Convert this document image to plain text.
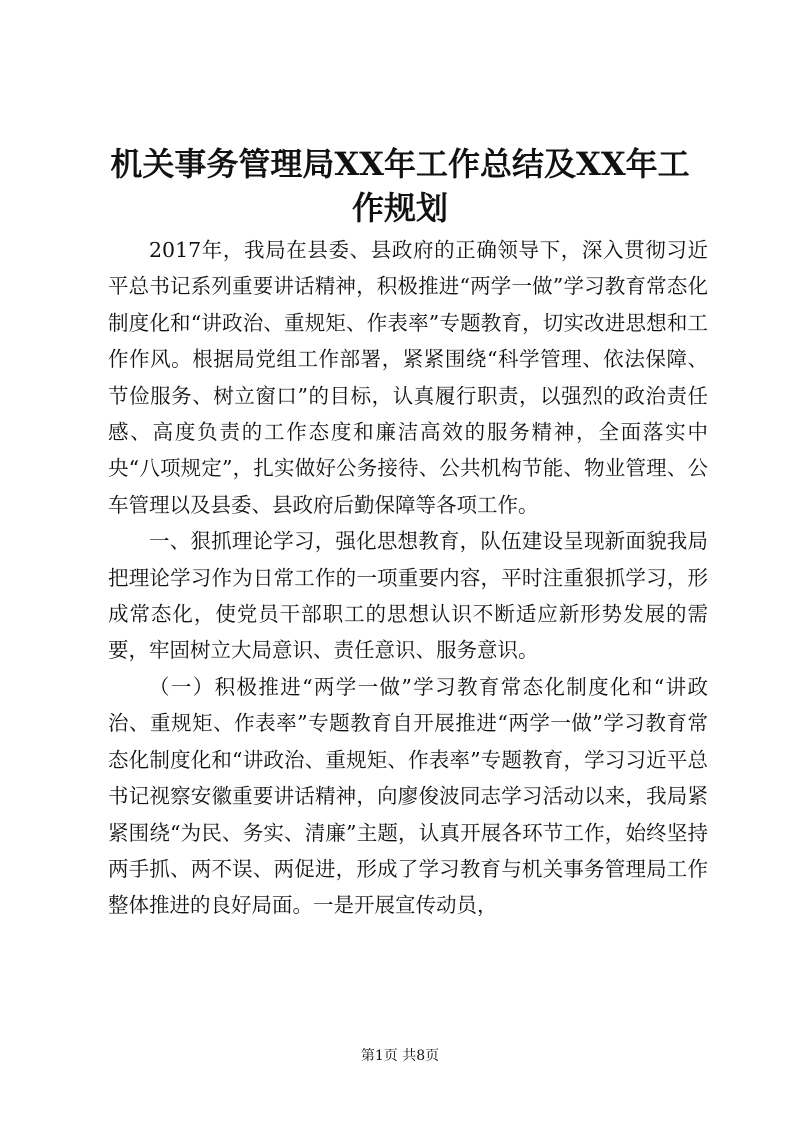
机关事务管理局XX年工作总结及XX年工作规划

2017年，我局在县委、县政府的正确领导下，深入贯彻习近平总书记系列重要讲话精神，积极推进“两学一做”学习教育常态化制度化和“讲政治、重规矩、作表率”专题教育，切实改进思想和工作作风。根据局党组工作部署，紧紧围绕“科学管理、依法保障、节俭服务、树立窗口”的目标，认真履行职责，以强烈的政治责任感、高度负责的工作态度和廉洁高效的服务精神，全面落实中央“八项规定”，扎实做好公务接待、公共机构节能、物业管理、公车管理以及县委、县政府后勤保障等各项工作。

一、狠抓理论学习，强化思想教育，队伍建设呈现新面貌我局把理论学习作为日常工作的一项重要内容，平时注重狠抓学习，形成常态化，使党员干部职工的思想认识不断适应新形势发展的需要，牢固树立大局意识、责任意识、服务意识。

（一）积极推进“两学一做”学习教育常态化制度化和“讲政治、重规矩、作表率”专题教育自开展推进“两学一做”学习教育常态化制度化和“讲政治、重规矩、作表率”专题教育，学习习近平总书记视察安徽重要讲话精神，向廖俊波同志学习活动以来，我局紧紧围绕“为民、务实、清廉”主题，认真开展各环节工作，始终坚持两手抓、两不误、两促进，形成了学习教育与机关事务管理局工作整体推进的良好局面。一是开展宣传动员，

第1页 共8页
